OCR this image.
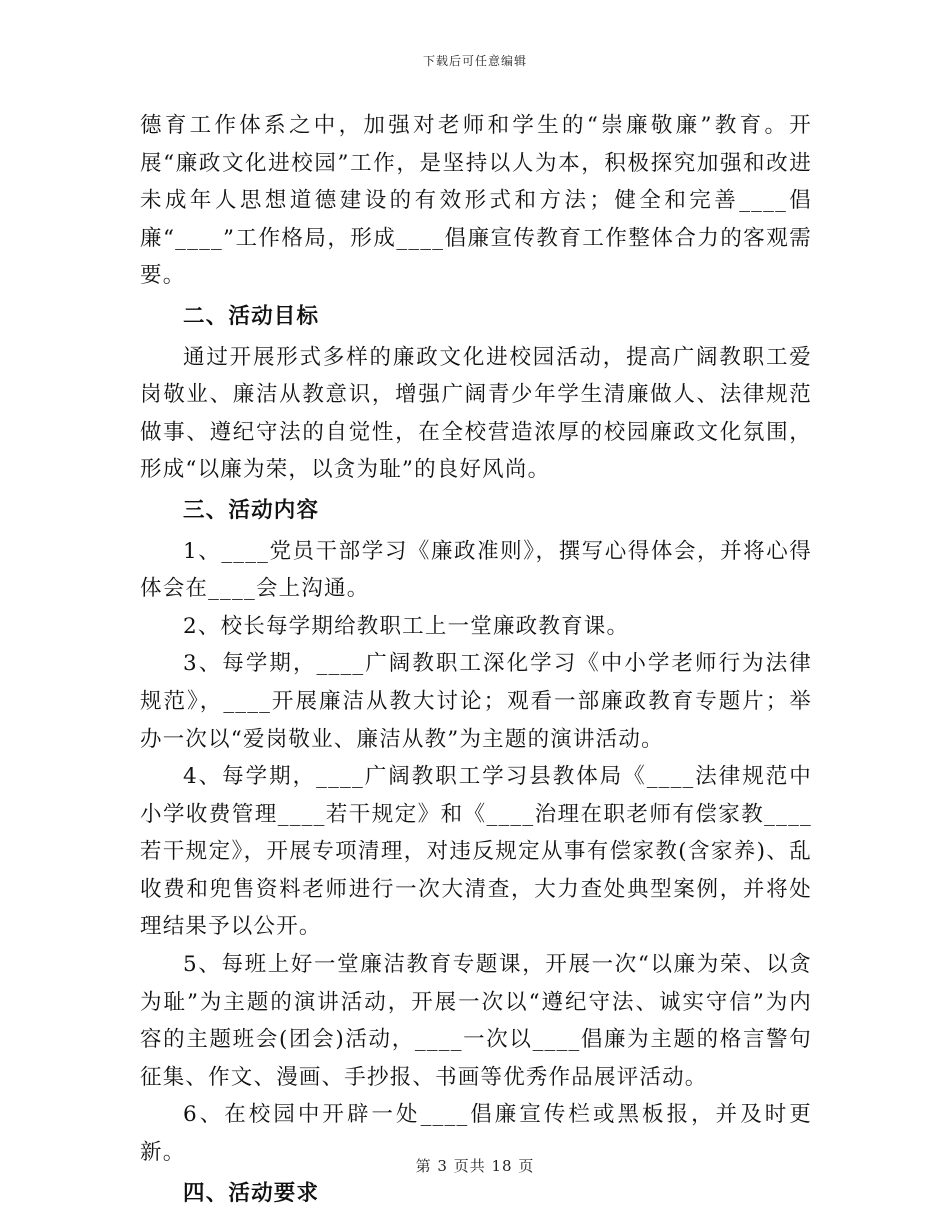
下载后可任意编辑

德育工作体系之中，加强对老师和学生的“崇廉敬廉”教育。开展“廉政文化进校园”工作，是坚持以人为本，积极探究加强和改进未成年人思想道德建设的有效形式和方法；健全和完善____倡廉“____”工作格局，形成____倡廉宣传教育工作整体合力的客观需要。

二、活动目标

通过开展形式多样的廉政文化进校园活动，提高广阔教职工爱岗敬业、廉洁从教意识，增强广阔青少年学生清廉做人、法律规范做事、遵纪守法的自觉性，在全校营造浓厚的校园廉政文化氛围，形成“以廉为荣，以贪为耻”的良好风尚。

三、活动内容

1、____党员干部学习《廉政准则》，撰写心得体会，并将心得体会在____会上沟通。

2、校长每学期给教职工上一堂廉政教育课。

3、每学期，____广阔教职工深化学习《中小学老师行为法律规范》，____开展廉洁从教大讨论；观看一部廉政教育专题片；举办一次以“爱岗敬业、廉洁从教”为主题的演讲活动。

4、每学期，____广阔教职工学习县教体局《____法律规范中小学收费管理____若干规定》和《____治理在职老师有偿家教____若干规定》，开展专项清理，对违反规定从事有偿家教(含家养)、乱收费和兜售资料老师进行一次大清查，大力查处典型案例，并将处理结果予以公开。

5、每班上好一堂廉洁教育专题课，开展一次“以廉为荣、以贪为耻”为主题的演讲活动，开展一次以“遵纪守法、诚实守信”为内容的主题班会(团会)活动，____一次以____倡廉为主题的格言警句征集、作文、漫画、手抄报、书画等优秀作品展评活动。

6、在校园中开辟一处____倡廉宣传栏或黑板报，并及时更新。

四、活动要求

第 3 页共 18 页
